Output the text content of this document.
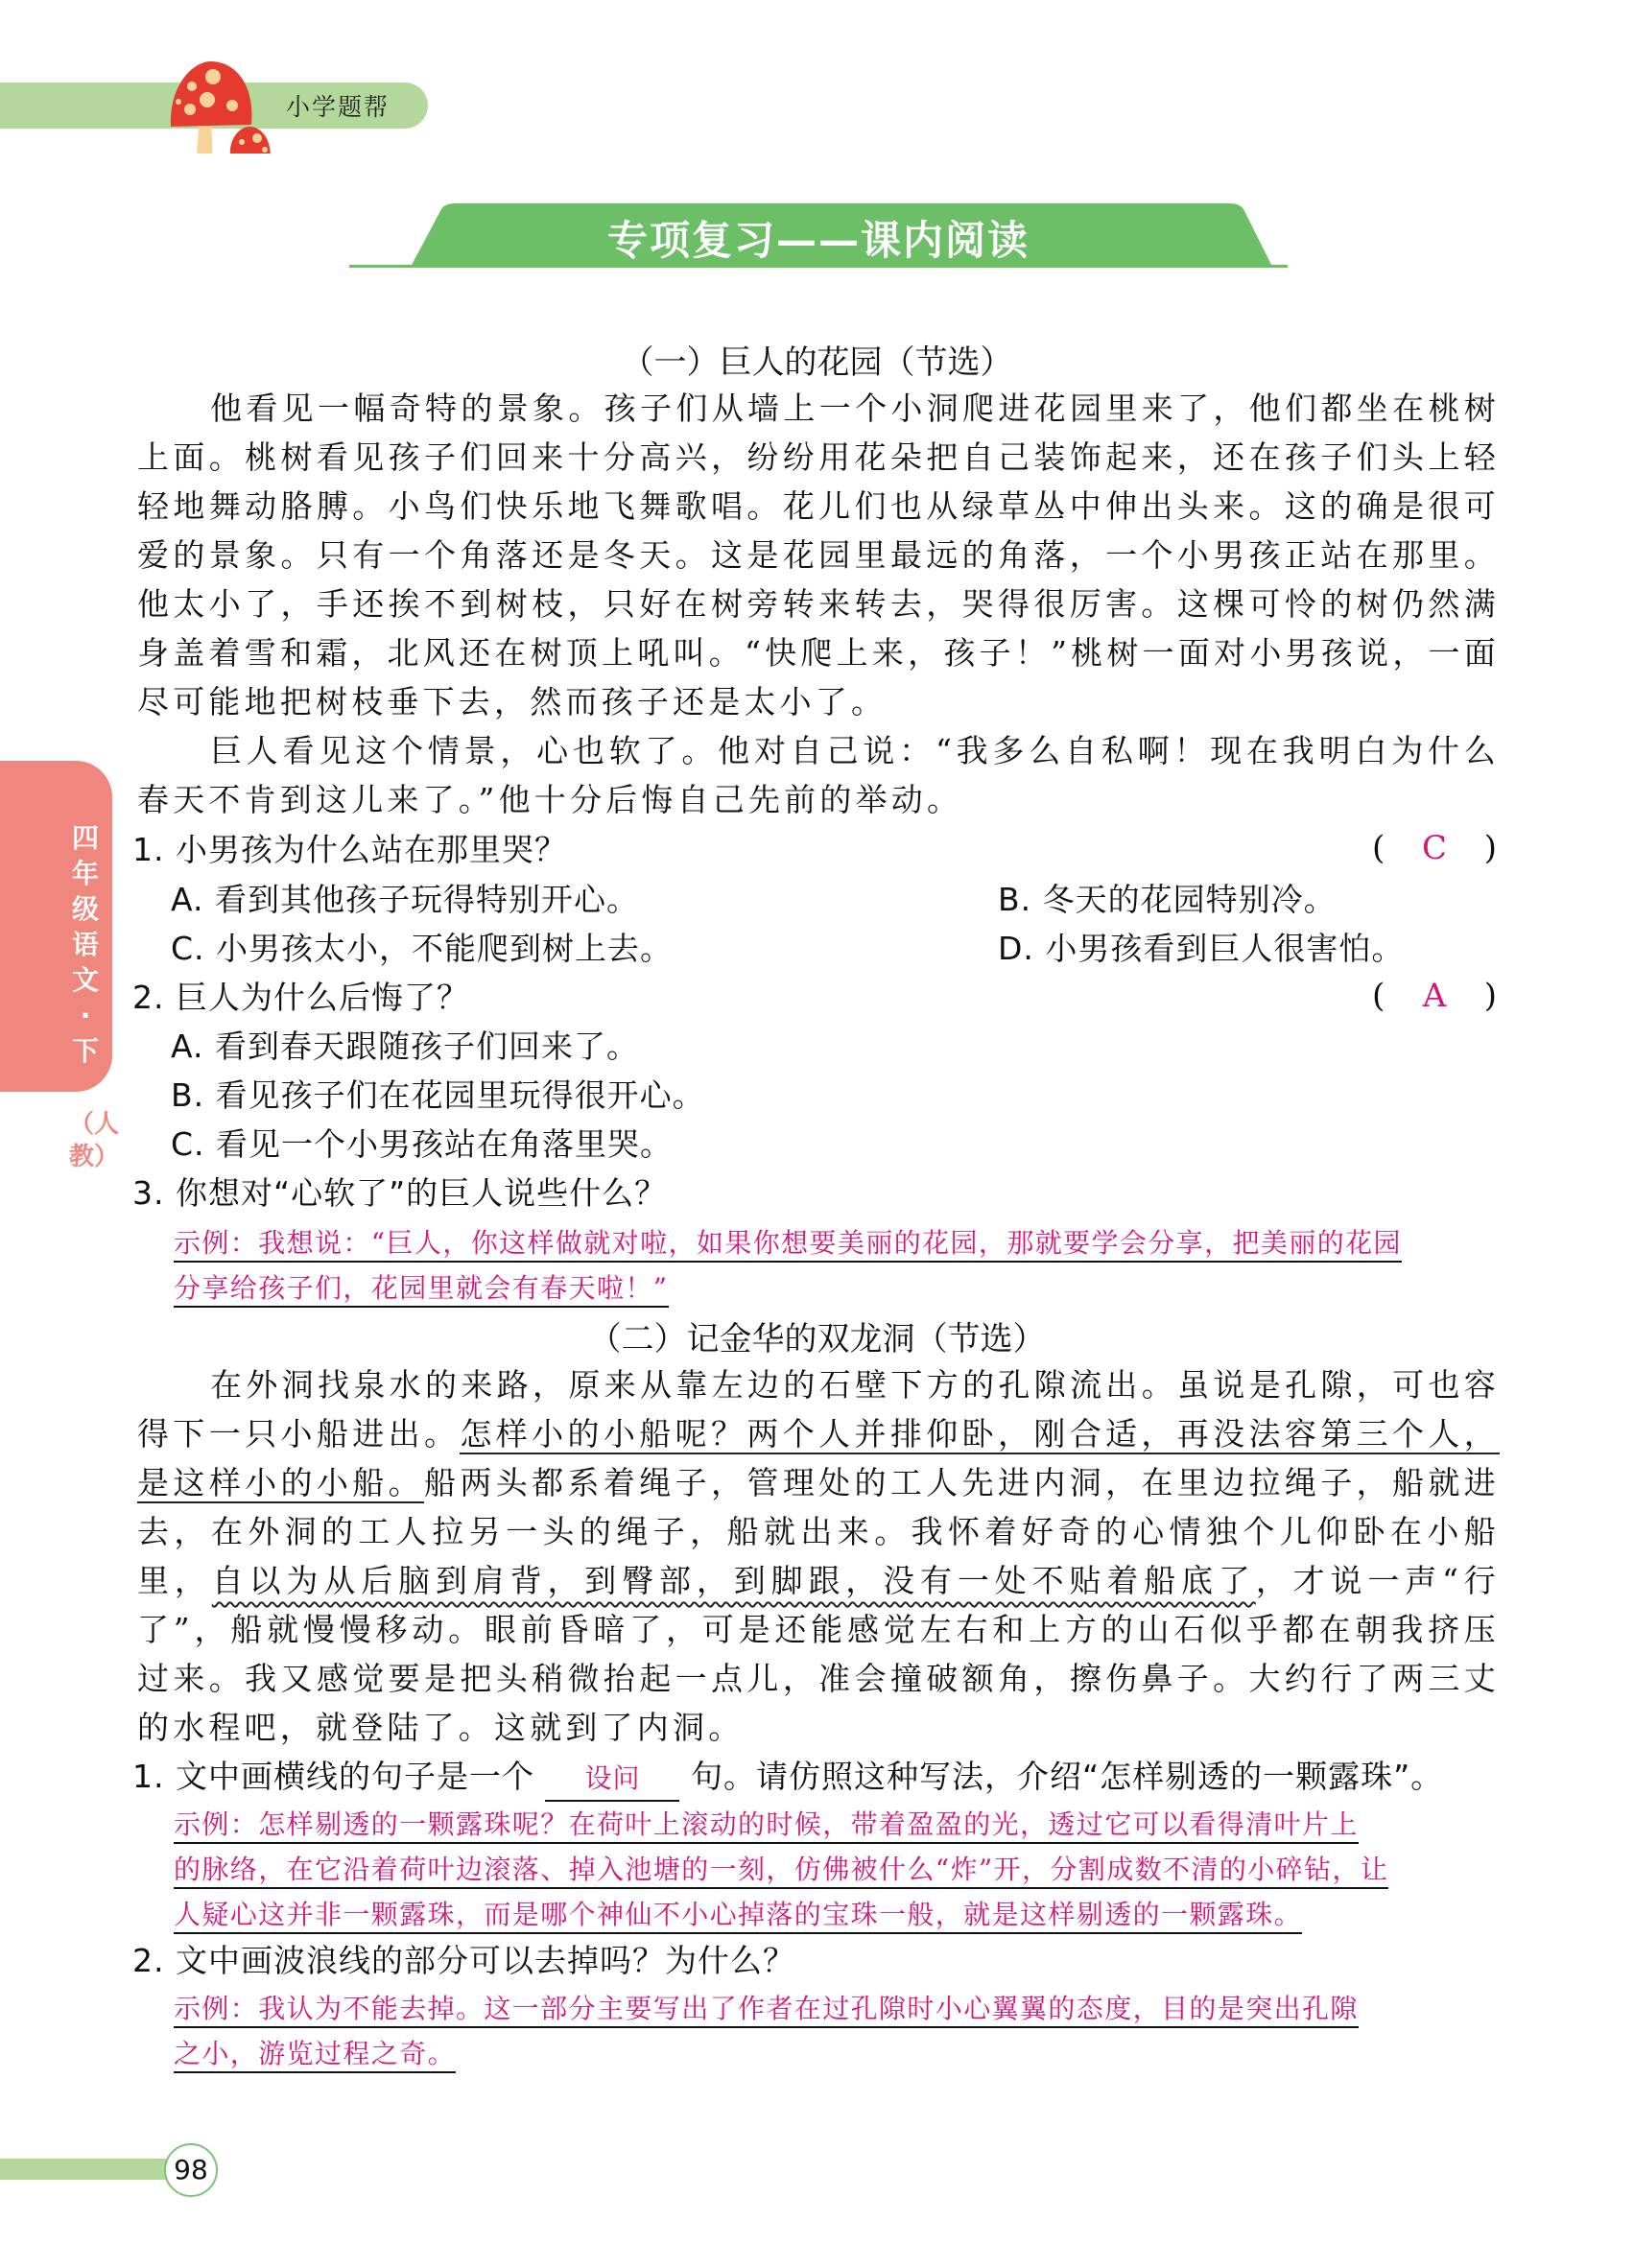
小学题帮
专项复习——课内阅读
四年级语文·下
（人教）
（一）巨人的花园（节选）
他看见一幅奇特的景象。孩子们从墙上一个小洞爬进花园里来了，他们都坐在桃树上面。桃树看见孩子们回来十分高兴，纷纷用花朵把自己装饰起来，还在孩子们头上轻轻地舞动胳膊。小鸟们快乐地飞舞歌唱。花儿们也从绿草丛中伸出头来。这的确是很可爱的景象。只有一个角落还是冬天。这是花园里最远的角落，一个小男孩正站在那里。他太小了，手还挨不到树枝，只好在树旁转来转去，哭得很厉害。这棵可怜的树仍然满身盖着雪和霜，北风还在树顶上吼叫。“快爬上来，孩子！”桃树一面对小男孩说，一面尽可能地把树枝垂下去，然而孩子还是太小了。
巨人看见这个情景，心也软了。他对自己说：“我多么自私啊！现在我明白为什么春天不肯到这儿来了。”他十分后悔自己先前的举动。
1. 小男孩为什么站在那里哭？	( C )
A. 看到其他孩子玩得特别开心。	B. 冬天的花园特别冷。
C. 小男孩太小，不能爬到树上去。	D. 小男孩看到巨人很害怕。
2. 巨人为什么后悔了？	( A )
A. 看到春天跟随孩子们回来了。
B. 看见孩子们在花园里玩得很开心。
C. 看见一个小男孩站在角落里哭。
3. 你想对“心软了”的巨人说些什么？
示例：我想说：“巨人，你这样做就对啦，如果你想要美丽的花园，那就要学会分享，把美丽的花园
分享给孩子们，花园里就会有春天啦！”
（二）记金华的双龙洞（节选）
在外洞找泉水的来路，原来从靠左边的石壁下方的孔隙流出。虽说是孔隙，可也容得下一只小船进出。怎样小的小船呢？两个人并排仰卧，刚合适，再没法容第三个人，是这样小的小船。船两头都系着绳子，管理处的工人先进内洞，在里边拉绳子，船就进去，在外洞的工人拉另一头的绳子，船就出来。我怀着好奇的心情独个儿仰卧在小船里，自以为从后脑到肩背，到臀部，到脚跟，没有一处不贴着船底了，才说一声“行了”，船就慢慢移动。眼前昏暗了，可是还能感觉左右和上方的山石似乎都在朝我挤压过来。我又感觉要是把头稍微抬起一点儿，准会撞破额角，擦伤鼻子。大约行了两三丈的水程吧，就登陆了。这就到了内洞。
1. 文中画横线的句子是一个 设问 句。请仿照这种写法，介绍“怎样剔透的一颗露珠”。
示例：怎样剔透的一颗露珠呢？在荷叶上滚动的时候，带着盈盈的光，透过它可以看得清叶片上
的脉络，在它沿着荷叶边滚落、掉入池塘的一刻，仿佛被什么“炸”开，分割成数不清的小碎钻，让
人疑心这并非一颗露珠，而是哪个神仙不小心掉落的宝珠一般，就是这样剔透的一颗露珠。
2. 文中画波浪线的部分可以去掉吗？为什么？
示例：我认为不能去掉。这一部分主要写出了作者在过孔隙时小心翼翼的态度，目的是突出孔隙
之小，游览过程之奇。
98
